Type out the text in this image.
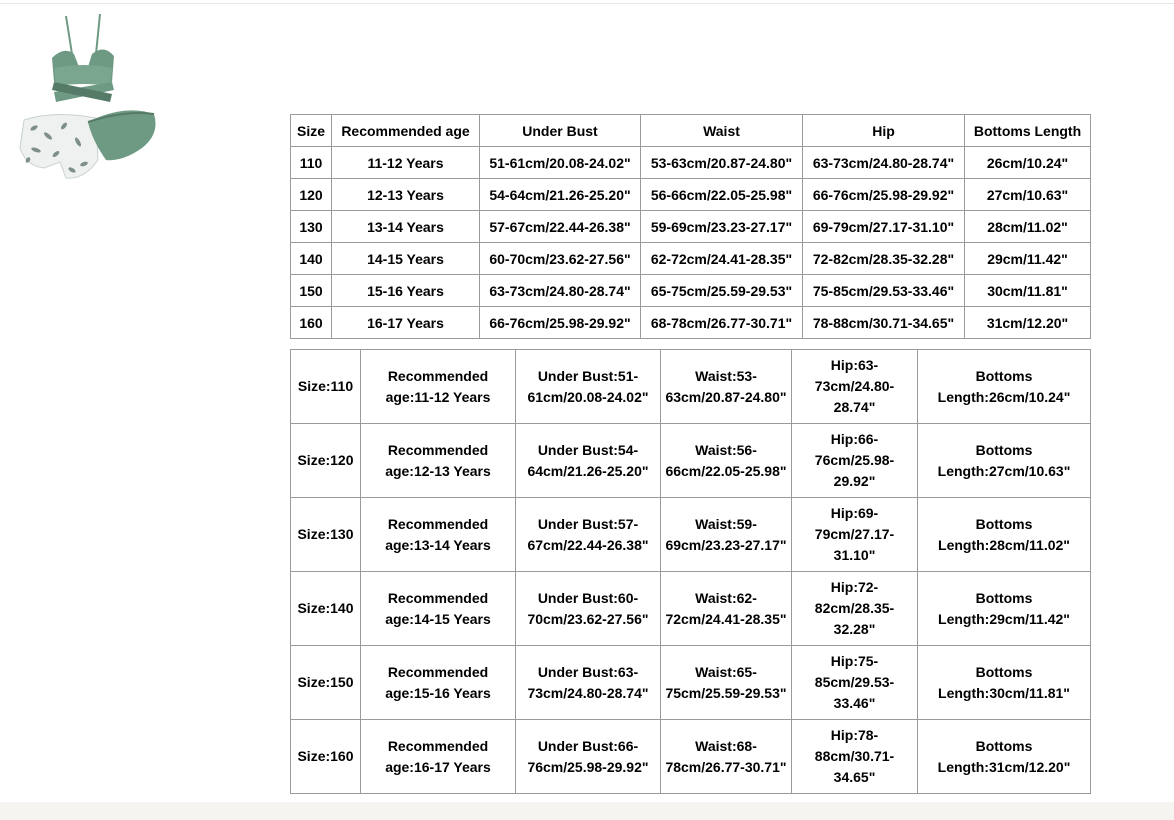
Size	Recommended age	Under Bust	Waist	Hip	Bottoms Length
110	11-12 Years	51-61cm/20.08-24.02"	53-63cm/20.87-24.80"	63-73cm/24.80-28.74"	26cm/10.24"
120	12-13 Years	54-64cm/21.26-25.20"	56-66cm/22.05-25.98"	66-76cm/25.98-29.92"	27cm/10.63"
130	13-14 Years	57-67cm/22.44-26.38"	59-69cm/23.23-27.17"	69-79cm/27.17-31.10"	28cm/11.02"
140	14-15 Years	60-70cm/23.62-27.56"	62-72cm/24.41-28.35"	72-82cm/28.35-32.28"	29cm/11.42"
150	15-16 Years	63-73cm/24.80-28.74"	65-75cm/25.59-29.53"	75-85cm/29.53-33.46"	30cm/11.81"
160	16-17 Years	66-76cm/25.98-29.92"	68-78cm/26.77-30.71"	78-88cm/30.71-34.65"	31cm/12.20"
Size:110	Recommended age:11-12 Years	Under Bust:51-61cm/20.08-24.02"	Waist:53-63cm/20.87-24.80"	Hip:63-73cm/24.80-28.74"	Bottoms Length:26cm/10.24"
Size:120	Recommended age:12-13 Years	Under Bust:54-64cm/21.26-25.20"	Waist:56-66cm/22.05-25.98"	Hip:66-76cm/25.98-29.92"	Bottoms Length:27cm/10.63"
Size:130	Recommended age:13-14 Years	Under Bust:57-67cm/22.44-26.38"	Waist:59-69cm/23.23-27.17"	Hip:69-79cm/27.17-31.10"	Bottoms Length:28cm/11.02"
Size:140	Recommended age:14-15 Years	Under Bust:60-70cm/23.62-27.56"	Waist:62-72cm/24.41-28.35"	Hip:72-82cm/28.35-32.28"	Bottoms Length:29cm/11.42"
Size:150	Recommended age:15-16 Years	Under Bust:63-73cm/24.80-28.74"	Waist:65-75cm/25.59-29.53"	Hip:75-85cm/29.53-33.46"	Bottoms Length:30cm/11.81"
Size:160	Recommended age:16-17 Years	Under Bust:66-76cm/25.98-29.92"	Waist:68-78cm/26.77-30.71"	Hip:78-88cm/30.71-34.65"	Bottoms Length:31cm/12.20"
